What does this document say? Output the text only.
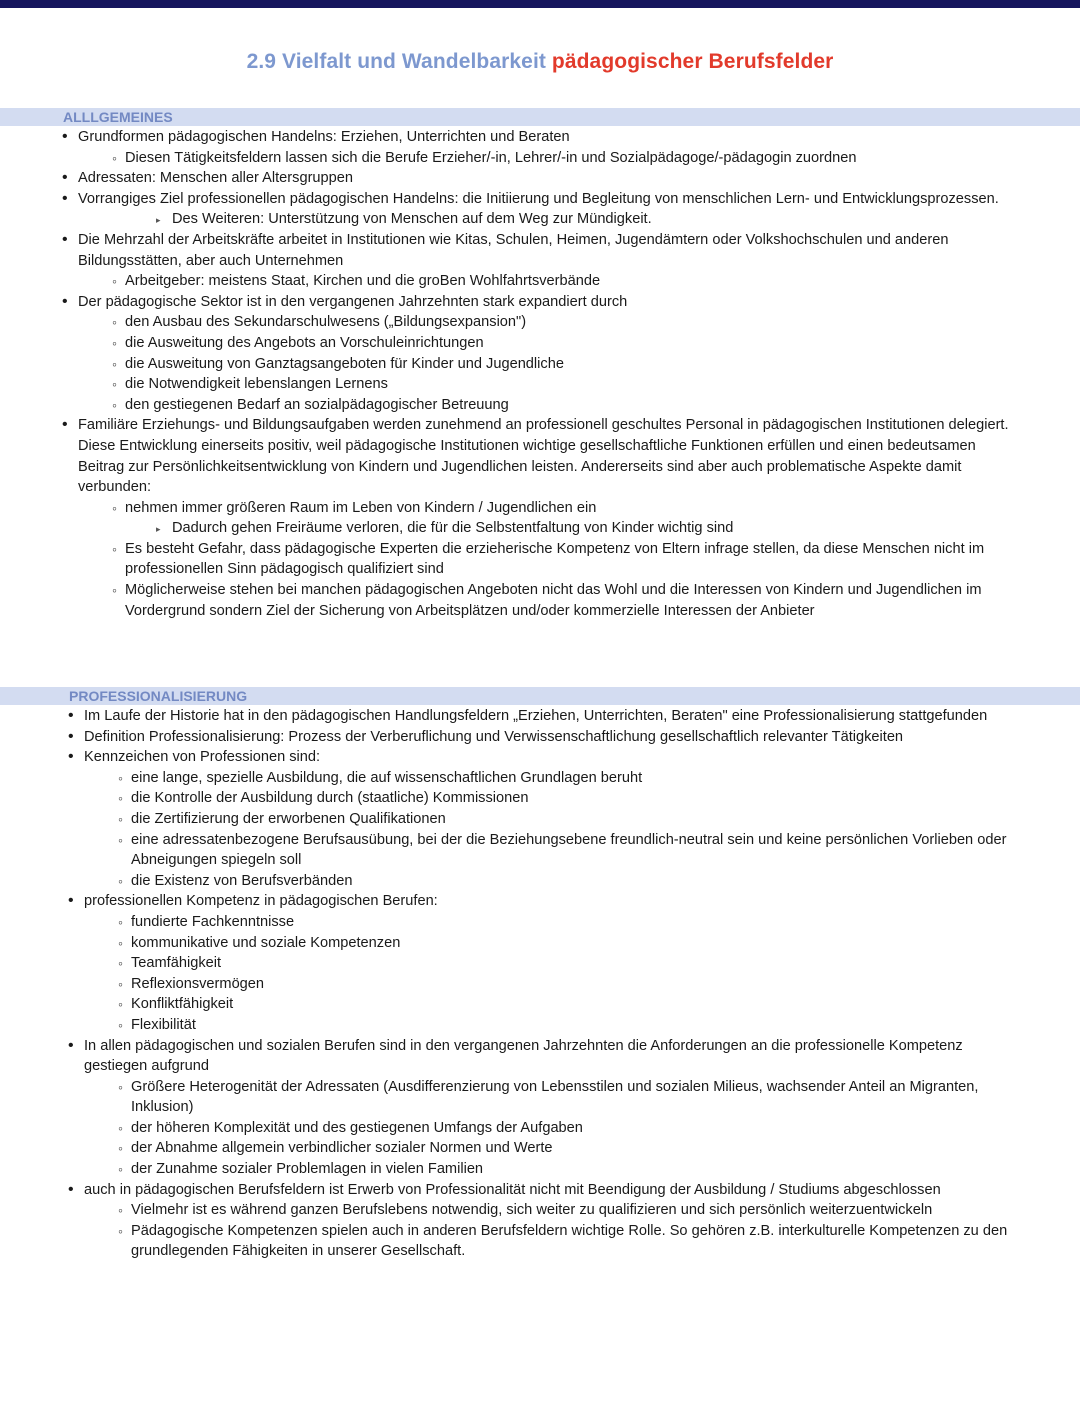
2.9 Vielfalt und Wandelbarkeit pädagogischer Berufsfelder
ALLLGEMEINES
• Grundformen pädagogischen Handelns: Erziehen, Unterrichten und Beraten
◦ Diesen Tätigkeitsfeldern lassen sich die Berufe Erzieher/-in, Lehrer/-in und Sozialpädagoge/-pädagogin zuordnen
• Adressaten: Menschen aller Altersgruppen
• Vorrangiges Ziel professionellen pädagogischen Handelns: die Initiierung und Begleitung von menschlichen Lern- und Entwicklungsprozessen.
▸ Des Weiteren: Unterstützung von Menschen auf dem Weg zur Mündigkeit.
• Die Mehrzahl der Arbeitskräfte arbeitet in Institutionen wie Kitas, Schulen, Heimen, Jugendämtern oder Volkshochschulen und anderen Bildungsstätten, aber auch Unternehmen
◦ Arbeitgeber: meistens Staat, Kirchen und die groBen Wohlfahrtsverbände
• Der pädagogische Sektor ist in den vergangenen Jahrzehnten stark expandiert durch
◦ den Ausbau des Sekundarschulwesens („Bildungsexpansion")
◦ die Ausweitung des Angebots an Vorschuleinrichtungen
◦ die Ausweitung von Ganztagsangeboten für Kinder und Jugendliche
◦ die Notwendigkeit lebenslangen Lernens
◦ den gestiegenen Bedarf an sozialpädagogischer Betreuung
• Familiäre Erziehungs- und Bildungsaufgaben werden zunehmend an professionell geschultes Personal in pädagogischen Institutionen delegiert. Diese Entwicklung einerseits positiv, weil pädagogische Institutionen wichtige gesellschaftliche Funktionen erfüllen und einen bedeutsamen Beitrag zur Persönlichkeitsentwicklung von Kindern und Jugendlichen leisten. Andererseits sind aber auch problematische Aspekte damit verbunden:
◦ nehmen immer größeren Raum im Leben von Kindern / Jugendlichen ein
▸ Dadurch gehen Freiräume verloren, die für die Selbstentfaltung von Kinder wichtig sind
◦ Es besteht Gefahr, dass pädagogische Experten die erzieherische Kompetenz von Eltern infrage stellen, da diese Menschen nicht im professionellen Sinn pädagogisch qualifiziert sind
◦ Möglicherweise stehen bei manchen pädagogischen Angeboten nicht das Wohl und die Interessen von Kindern und Jugendlichen im Vordergrund sondern Ziel der Sicherung von Arbeitsplätzen und/oder kommerzielle Interessen der Anbieter
PROFESSIONALISIERUNG
• Im Laufe der Historie hat in den pädagogischen Handlungsfeldern „Erziehen, Unterrichten, Beraten" eine Professionalisierung stattgefunden
• Definition Professionalisierung: Prozess der Verberuflichung und Verwissenschaftlichung gesellschaftlich relevanter Tätigkeiten
• Kennzeichen von Professionen sind:
◦ eine lange, spezielle Ausbildung, die auf wissenschaftlichen Grundlagen beruht
◦ die Kontrolle der Ausbildung durch (staatliche) Kommissionen
◦ die Zertifizierung der erworbenen Qualifikationen
◦ eine adressatenbezogene Berufsausübung, bei der die Beziehungsebene freundlich-neutral sein und keine persönlichen Vorlieben oder Abneigungen spiegeln soll
◦ die Existenz von Berufsverbänden
• professionellen Kompetenz in pädagogischen Berufen:
◦ fundierte Fachkenntnisse
◦ kommunikative und soziale Kompetenzen
◦ Teamfähigkeit
◦ Reflexionsvermögen
◦ Konfliktfähigkeit
◦ Flexibilität
• In allen pädagogischen und sozialen Berufen sind in den vergangenen Jahrzehnten die Anforderungen an die professionelle Kompetenz gestiegen aufgrund
◦ Größere Heterogenität der Adressaten (Ausdifferenzierung von Lebensstilen und sozialen Milieus, wachsender Anteil an Migranten, Inklusion)
◦ der höheren Komplexität und des gestiegenen Umfangs der Aufgaben
◦ der Abnahme allgemein verbindlicher sozialer Normen und Werte
◦ der Zunahme sozialer Problemlagen in vielen Familien
• auch in pädagogischen Berufsfeldern ist Erwerb von Professionalität nicht mit Beendigung der Ausbildung / Studiums abgeschlossen
◦ Vielmehr ist es während ganzen Berufslebens notwendig, sich weiter zu qualifizieren und sich persönlich weiterzuentwickeln
◦ Pädagogische Kompetenzen spielen auch in anderen Berufsfeldern wichtige Rolle. So gehören z.B. interkulturelle Kompetenzen zu den grundlegenden Fähigkeiten in unserer Gesellschaft.
